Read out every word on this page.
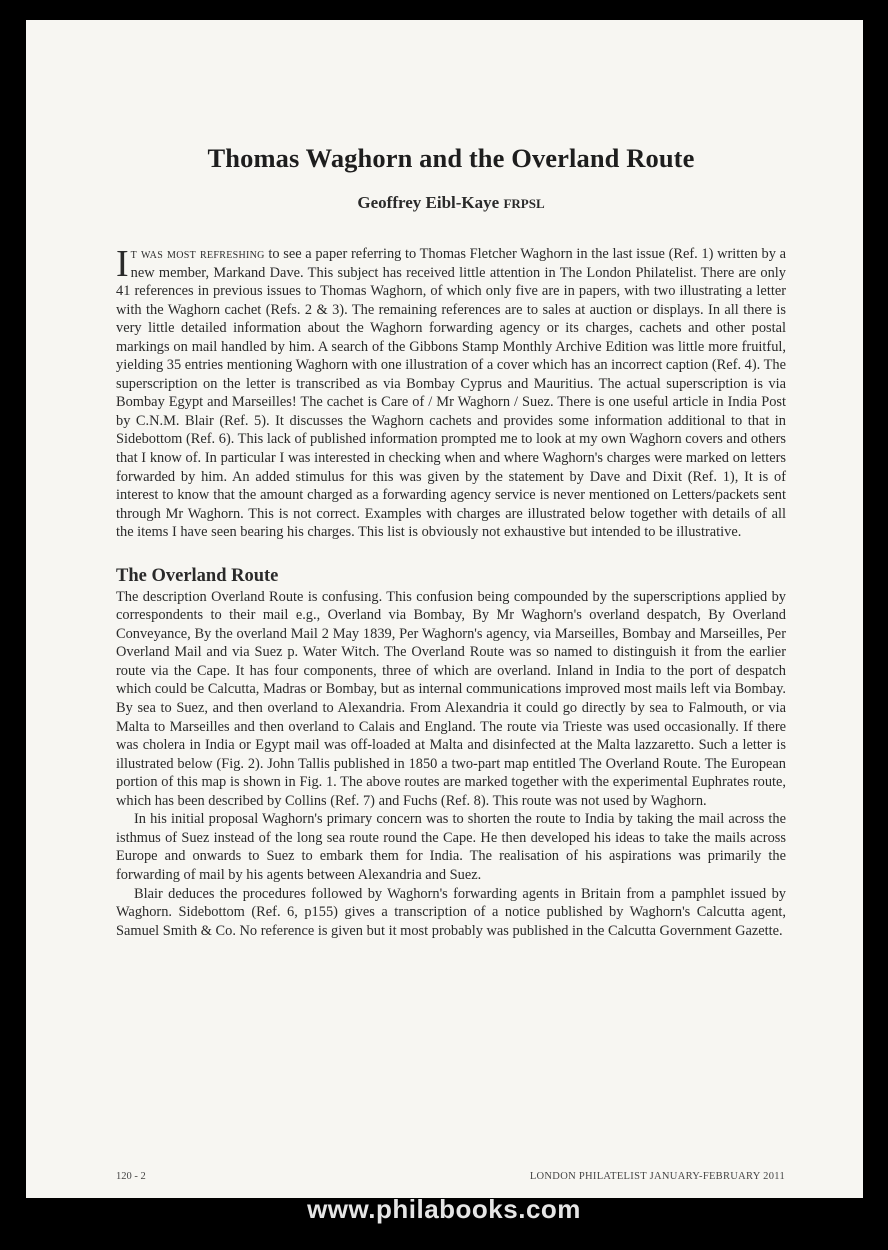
Thomas Waghorn and the Overland Route
Geoffrey Eibl-Kaye FRPSL
I t was most refreshing to see a paper referring to Thomas Fletcher Waghorn in the last issue (Ref. 1) written by a new member, Markand Dave. This subject has received little attention in The London Philatelist. There are only 41 references in previous issues to Thomas Waghorn, of which only five are in papers, with two illustrating a letter with the Waghorn cachet (Refs. 2 & 3). The remaining references are to sales at auction or displays. In all there is very little detailed information about the Waghorn forwarding agency or its charges, cachets and other postal markings on mail handled by him. A search of the Gibbons Stamp Monthly Archive Edition was little more fruitful, yielding 35 entries mentioning Waghorn with one illustration of a cover which has an incorrect caption (Ref. 4). The superscription on the letter is transcribed as via Bombay Cyprus and Mauritius. The actual superscription is via Bombay Egypt and Marseilles! The cachet is Care of / Mr Waghorn / Suez. There is one useful article in India Post by C.N.M. Blair (Ref. 5). It discusses the Waghorn cachets and provides some information additional to that in Sidebottom (Ref. 6). This lack of published information prompted me to look at my own Waghorn covers and others that I know of. In particular I was interested in checking when and where Waghorn's charges were marked on letters forwarded by him. An added stimulus for this was given by the statement by Dave and Dixit (Ref. 1), It is of interest to know that the amount charged as a forwarding agency service is never mentioned on Letters/packets sent through Mr Waghorn. This is not correct. Examples with charges are illustrated below together with details of all the items I have seen bearing his charges. This list is obviously not exhaustive but intended to be illustrative.

The Overland Route

The description Overland Route is confusing. This confusion being compounded by the superscriptions applied by correspondents to their mail e.g., Overland via Bombay, By Mr Waghorn's overland despatch, By Overland Conveyance, By the overland Mail 2 May 1839, Per Waghorn's agency, via Marseilles, Bombay and Marseilles, Per Overland Mail and via Suez p. Water Witch. The Overland Route was so named to distinguish it from the earlier route via the Cape. It has four components, three of which are overland. Inland in India to the port of despatch which could be Calcutta, Madras or Bombay, but as internal communications improved most mails left via Bombay. By sea to Suez, and then overland to Alexandria. From Alexandria it could go directly by sea to Falmouth, or via Malta to Marseilles and then overland to Calais and England. The route via Trieste was used occasionally. If there was cholera in India or Egypt mail was off-loaded at Malta and disinfected at the Malta lazzaretto. Such a letter is illustrated below (Fig. 2). John Tallis published in 1850 a two-part map entitled The Overland Route. The European portion of this map is shown in Fig. 1. The above routes are marked together with the experimental Euphrates route, which has been described by Collins (Ref. 7) and Fuchs (Ref. 8). This route was not used by Waghorn.

In his initial proposal Waghorn's primary concern was to shorten the route to India by taking the mail across the isthmus of Suez instead of the long sea route round the Cape. He then developed his ideas to take the mails across Europe and onwards to Suez to embark them for India. The realisation of his aspirations was primarily the forwarding of mail by his agents between Alexandria and Suez.

Blair deduces the procedures followed by Waghorn's forwarding agents in Britain from a pamphlet issued by Waghorn. Sidebottom (Ref. 6, p155) gives a transcription of a notice published by Waghorn's Calcutta agent, Samuel Smith & Co. No reference is given but it most probably was published in the Calcutta Government Gazette.

120 - 2	LONDON PHILATELIST JANUARY-FEBRUARY 2011
www.philabooks.com
